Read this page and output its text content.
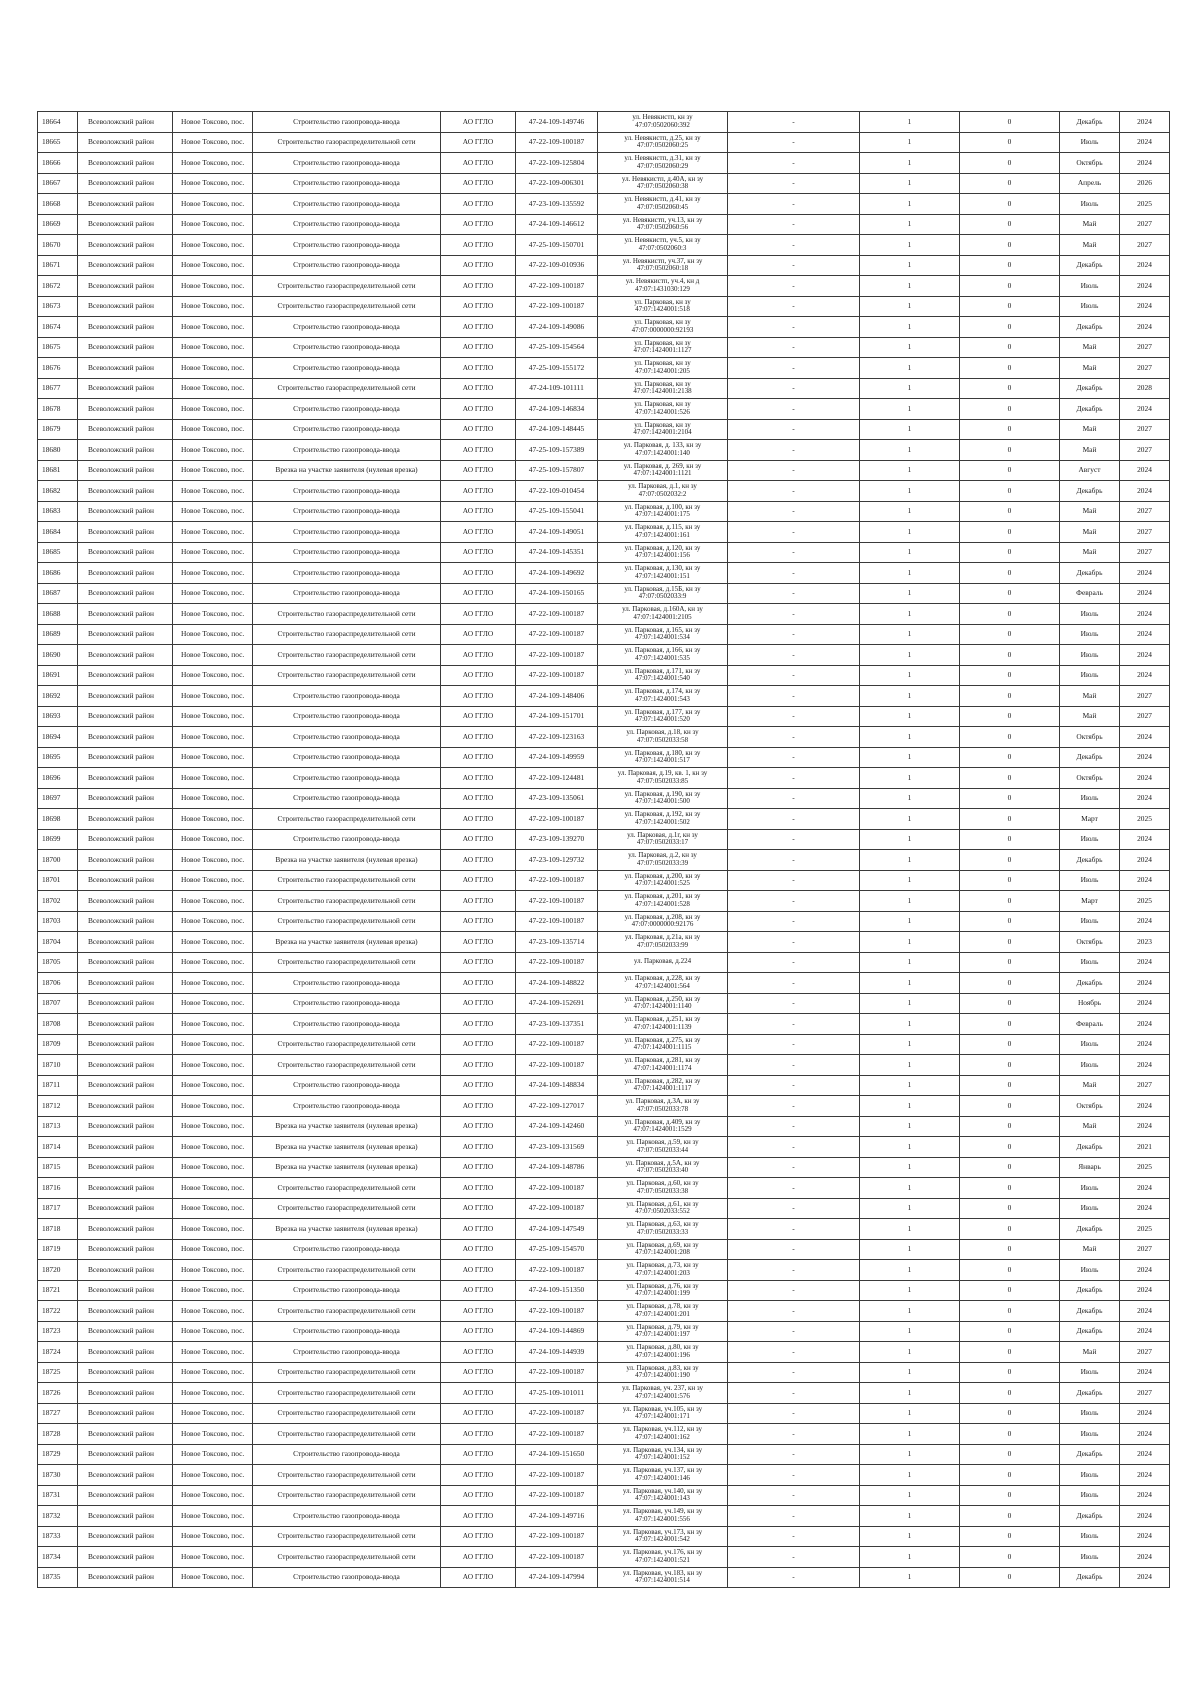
18664	Всеволожский район	Новое Токсово, пос.	Строительство газопровода-ввода	АО ГГЛО	47-24-109-149746	ул. Невякистп, кн зу
47:07:0502060:392	-	1	0	Декабрь	2024
18665	Всеволожский район	Новое Токсово, пос.	Строительство газораспределительной сети	АО ГГЛО	47-22-109-100187	ул. Невякистп, д.25, кн зу
47:07:0502060:25	-	1	0	Июль	2024
18666	Всеволожский район	Новое Токсово, пос.	Строительство газопровода-ввода	АО ГГЛО	47-22-109-125804	ул. Невякистп, д.31, кн зу
47:07:0502060:29	-	1	0	Октябрь	2024
18667	Всеволожский район	Новое Токсово, пос.	Строительство газопровода-ввода	АО ГГЛО	47-22-109-006301	ул. Невякистп, д.40А, кн зу
47:07:0502060:38	-	1	0	Апрель	2026
18668	Всеволожский район	Новое Токсово, пос.	Строительство газопровода-ввода	АО ГГЛО	47-23-109-135592	ул. Невякистп, д.41, кн зу
47:07:0502060:45	-	1	0	Июль	2025
18669	Всеволожский район	Новое Токсово, пос.	Строительство газопровода-ввода	АО ГГЛО	47-24-109-146612	ул. Невякистп, уч.13, кн зу
47:07:0502060:56	-	1	0	Май	2027
18670	Всеволожский район	Новое Токсово, пос.	Строительство газопровода-ввода	АО ГГЛО	47-25-109-150701	ул. Невякистп, уч.5, кн зу
47:07:0502060:3	-	1	0	Май	2027
18671	Всеволожский район	Новое Токсово, пос.	Строительство газопровода-ввода	АО ГГЛО	47-22-109-010936	ул. Невякистп, уч.37, кн зу
47:07:0502060:18	-	1	0	Декабрь	2024
18672	Всеволожский район	Новое Токсово, пос.	Строительство газораспределительной сети	АО ГГЛО	47-22-109-100187	ул. Невякистп, уч.4, кн д
47:07:1431030:129	-	1	0	Июль	2024
18673	Всеволожский район	Новое Токсово, пос.	Строительство газораспределительной сети	АО ГГЛО	47-22-109-100187	ул. Парковая, кн зу
47:07:1424001:518	-	1	0	Июль	2024
18674	Всеволожский район	Новое Токсово, пос.	Строительство газопровода-ввода	АО ГГЛО	47-24-109-149086	ул. Парковая, кн зу
47:07:0000000:92193	-	1	0	Декабрь	2024
18675	Всеволожский район	Новое Токсово, пос.	Строительство газопровода-ввода	АО ГГЛО	47-25-109-154564	ул. Парковая, кн зу
47:07:1424001:1127	-	1	0	Май	2027
18676	Всеволожский район	Новое Токсово, пос.	Строительство газопровода-ввода	АО ГГЛО	47-25-109-155172	ул. Парковая, кн зу
47:07:1424001:205	-	1	0	Май	2027
18677	Всеволожский район	Новое Токсово, пос.	Строительство газораспределительной сети	АО ГГЛО	47-24-109-101111	ул. Парковая, кн зу
47:07:1424001:2138	-	1	0	Декабрь	2028
18678	Всеволожский район	Новое Токсово, пос.	Строительство газопровода-ввода	АО ГГЛО	47-24-109-146834	ул. Парковая, кн зу
47:07:1424001:526	-	1	0	Декабрь	2024
18679	Всеволожский район	Новое Токсово, пос.	Строительство газопровода-ввода	АО ГГЛО	47-24-109-148445	ул. Парковая, кн зу
47:07:1424001:2104	-	1	0	Май	2027
18680	Всеволожский район	Новое Токсово, пос.	Строительство газопровода-ввода	АО ГГЛО	47-25-109-157389	ул. Парковая, д. 133, кн зу
47:07:1424001:140	-	1	0	Май	2027
18681	Всеволожский район	Новое Токсово, пос.	Врезка на участке заявителя (нулевая врезка)	АО ГГЛО	47-25-109-157807	ул. Парковая, д. 269, кн зу
47:07:1424001:1121	-	1	0	Август	2024
18682	Всеволожский район	Новое Токсово, пос.	Строительство газопровода-ввода	АО ГГЛО	47-22-109-010454	ул. Парковая, д.1, кн зу
47:07:0502032:2	-	1	0	Декабрь	2024
18683	Всеволожский район	Новое Токсово, пос.	Строительство газопровода-ввода	АО ГГЛО	47-25-109-155041	ул. Парковая, д.100, кн зу
47:07:1424001:175	-	1	0	Май	2027
18684	Всеволожский район	Новое Токсово, пос.	Строительство газопровода-ввода	АО ГГЛО	47-24-109-149051	ул. Парковая, д.115, кн зу
47:07:1424001:161	-	1	0	Май	2027
18685	Всеволожский район	Новое Токсово, пос.	Строительство газопровода-ввода	АО ГГЛО	47-24-109-145351	ул. Парковая, д.120, кн зу
47:07:1424001:156	-	1	0	Май	2027
18686	Всеволожский район	Новое Токсово, пос.	Строительство газопровода-ввода	АО ГГЛО	47-24-109-149692	ул. Парковая, д.130, кн зу
47:07:1424001:151	-	1	0	Декабрь	2024
18687	Всеволожский район	Новое Токсово, пос.	Строительство газопровода-ввода	АО ГГЛО	47-24-109-150165	ул. Парковая, д.15Б, кн зу
47:07:0502033:9	-	1	0	Февраль	2024
18688	Всеволожский район	Новое Токсово, пос.	Строительство газораспределительной сети	АО ГГЛО	47-22-109-100187	ул. Парковая, д.160А, кн зу
47:07:1424001:2105	-	1	0	Июль	2024
18689	Всеволожский район	Новое Токсово, пос.	Строительство газораспределительной сети	АО ГГЛО	47-22-109-100187	ул. Парковая, д.165, кн зу
47:07:1424001:534	-	1	0	Июль	2024
18690	Всеволожский район	Новое Токсово, пос.	Строительство газораспределительной сети	АО ГГЛО	47-22-109-100187	ул. Парковая, д.166, кн зу
47:07:1424001:535	-	1	0	Июль	2024
18691	Всеволожский район	Новое Токсово, пос.	Строительство газораспределительной сети	АО ГГЛО	47-22-109-100187	ул. Парковая, д.171, кн зу
47:07:1424001:540	-	1	0	Июль	2024
18692	Всеволожский район	Новое Токсово, пос.	Строительство газопровода-ввода	АО ГГЛО	47-24-109-148406	ул. Парковая, д.174, кн зу
47:07:1424001:543	-	1	0	Май	2027
18693	Всеволожский район	Новое Токсово, пос.	Строительство газопровода-ввода	АО ГГЛО	47-24-109-151701	ул. Парковая, д.177, кн зу
47:07:1424001:520	-	1	0	Май	2027
18694	Всеволожский район	Новое Токсово, пос.	Строительство газопровода-ввода	АО ГГЛО	47-22-109-123163	ул. Парковая, д.18, кн зу
47:07:0502033:58	-	1	0	Октябрь	2024
18695	Всеволожский район	Новое Токсово, пос.	Строительство газопровода-ввода	АО ГГЛО	47-24-109-149959	ул. Парковая, д.180, кн зу
47:07:1424001:517	-	1	0	Декабрь	2024
18696	Всеволожский район	Новое Токсово, пос.	Строительство газопровода-ввода	АО ГГЛО	47-22-109-124481	ул. Парковая, д.19, кв. 1, кн зу
47:07:0502033:85	-	1	0	Октябрь	2024
18697	Всеволожский район	Новое Токсово, пос.	Строительство газопровода-ввода	АО ГГЛО	47-23-109-135061	ул. Парковая, д.190, кн зу
47:07:1424001:500	-	1	0	Июль	2024
18698	Всеволожский район	Новое Токсово, пос.	Строительство газораспределительной сети	АО ГГЛО	47-22-109-100187	ул. Парковая, д.192, кн зу
47:07:1424001:502	-	1	0	Март	2025
18699	Всеволожский район	Новое Токсово, пос.	Строительство газопровода-ввода	АО ГГЛО	47-23-109-139270	ул. Парковая, д.1г, кн зу
47:07:0502033:17	-	1	0	Июль	2024
18700	Всеволожский район	Новое Токсово, пос.	Врезка на участке заявителя (нулевая врезка)	АО ГГЛО	47-23-109-129732	ул. Парковая, д.2, кн зу
47:07:0502033:39	-	1	0	Декабрь	2024
18701	Всеволожский район	Новое Токсово, пос.	Строительство газораспределительной сети	АО ГГЛО	47-22-109-100187	ул. Парковая, д.200, кн зу
47:07:1424001:525	-	1	0	Июль	2024
18702	Всеволожский район	Новое Токсово, пос.	Строительство газораспределительной сети	АО ГГЛО	47-22-109-100187	ул. Парковая, д.201, кн зу
47:07:1424001:528	-	1	0	Март	2025
18703	Всеволожский район	Новое Токсово, пос.	Строительство газораспределительной сети	АО ГГЛО	47-22-109-100187	ул. Парковая, д.208, кн зу
47:07:0000000:92176	-	1	0	Июль	2024
18704	Всеволожский район	Новое Токсово, пос.	Врезка на участке заявителя (нулевая врезка)	АО ГГЛО	47-23-109-135714	ул. Парковая, д.21а, кн зу
47:07:0502033:99	-	1	0	Октябрь	2023
18705	Всеволожский район	Новое Токсово, пос.	Строительство газораспределительной сети	АО ГГЛО	47-22-109-100187	ул. Парковая, д.224	-	1	0	Июль	2024
18706	Всеволожский район	Новое Токсово, пос.	Строительство газопровода-ввода	АО ГГЛО	47-24-109-148822	ул. Парковая, д.228, кн зу
47:07:1424001:564	-	1	0	Декабрь	2024
18707	Всеволожский район	Новое Токсово, пос.	Строительство газопровода-ввода	АО ГГЛО	47-24-109-152691	ул. Парковая, д.250, кн зу
47:07:1424001:1140	-	1	0	Ноябрь	2024
18708	Всеволожский район	Новое Токсово, пос.	Строительство газопровода-ввода	АО ГГЛО	47-23-109-137351	ул. Парковая, д.251, кн зу
47:07:1424001:1139	-	1	0	Февраль	2024
18709	Всеволожский район	Новое Токсово, пос.	Строительство газораспределительной сети	АО ГГЛО	47-22-109-100187	ул. Парковая, д.275, кн зу
47:07:1424001:1115	-	1	0	Июль	2024
18710	Всеволожский район	Новое Токсово, пос.	Строительство газораспределительной сети	АО ГГЛО	47-22-109-100187	ул. Парковая, д.281, кн зу
47:07:1424001:1174	-	1	0	Июль	2024
18711	Всеволожский район	Новое Токсово, пос.	Строительство газопровода-ввода	АО ГГЛО	47-24-109-148834	ул. Парковая, д.282, кн зу
47:07:1424001:1117	-	1	0	Май	2027
18712	Всеволожский район	Новое Токсово, пос.	Строительство газопровода-ввода	АО ГГЛО	47-22-109-127017	ул. Парковая, д.3А, кн зу
47:07:0502033:78	-	1	0	Октябрь	2024
18713	Всеволожский район	Новое Токсово, пос.	Врезка на участке заявителя (нулевая врезка)	АО ГГЛО	47-24-109-142460	ул. Парковая, д.409, кн зу
47:07:1424001:1529	-	1	0	Май	2024
18714	Всеволожский район	Новое Токсово, пос.	Врезка на участке заявителя (нулевая врезка)	АО ГГЛО	47-23-109-131569	ул. Парковая, д.59, кн зу
47:07:0502033:44	-	1	0	Декабрь	2021
18715	Всеволожский район	Новое Токсово, пос.	Врезка на участке заявителя (нулевая врезка)	АО ГГЛО	47-24-109-148786	ул. Парковая, д.5А, кн зу
47:07:0502033:40	-	1	0	Январь	2025
18716	Всеволожский район	Новое Токсово, пос.	Строительство газораспределительной сети	АО ГГЛО	47-22-109-100187	ул. Парковая, д.60, кн зу
47:07:0502033:38	-	1	0	Июль	2024
18717	Всеволожский район	Новое Токсово, пос.	Строительство газораспределительной сети	АО ГГЛО	47-22-109-100187	ул. Парковая, д.61, кн зу
47:07:0502033:552	-	1	0	Июль	2024
18718	Всеволожский район	Новое Токсово, пос.	Врезка на участке заявителя (нулевая врезка)	АО ГГЛО	47-24-109-147549	ул. Парковая, д.63, кн зу
47:07:0502033:33	-	1	0	Декабрь	2025
18719	Всеволожский район	Новое Токсово, пос.	Строительство газопровода-ввода	АО ГГЛО	47-25-109-154570	ул. Парковая, д.69, кн зу
47:07:1424001:208	-	1	0	Май	2027
18720	Всеволожский район	Новое Токсово, пос.	Строительство газораспределительной сети	АО ГГЛО	47-22-109-100187	ул. Парковая, д.73, кн зу
47:07:1424001:203	-	1	0	Июль	2024
18721	Всеволожский район	Новое Токсово, пос.	Строительство газопровода-ввода	АО ГГЛО	47-24-109-151350	ул. Парковая, д.76, кн зу
47:07:1424001:199	-	1	0	Декабрь	2024
18722	Всеволожский район	Новое Токсово, пос.	Строительство газораспределительной сети	АО ГГЛО	47-22-109-100187	ул. Парковая, д.78, кн зу
47:07:1424001:201	-	1	0	Декабрь	2024
18723	Всеволожский район	Новое Токсово, пос.	Строительство газопровода-ввода	АО ГГЛО	47-24-109-144869	ул. Парковая, д.79, кн зу
47:07:1424001:197	-	1	0	Декабрь	2024
18724	Всеволожский район	Новое Токсово, пос.	Строительство газопровода-ввода	АО ГГЛО	47-24-109-144939	ул. Парковая, д.80, кн зу
47:07:1424001:196	-	1	0	Май	2027
18725	Всеволожский район	Новое Токсово, пос.	Строительство газораспределительной сети	АО ГГЛО	47-22-109-100187	ул. Парковая, д.83, кн зу
47:07:1424001:190	-	1	0	Июль	2024
18726	Всеволожский район	Новое Токсово, пос.	Строительство газораспределительной сети	АО ГГЛО	47-25-109-101011	ул. Парковая, уч. 237, кн зу
47:07:1424001:576	-	1	0	Декабрь	2027
18727	Всеволожский район	Новое Токсово, пос.	Строительство газораспределительной сети	АО ГГЛО	47-22-109-100187	ул. Парковая, уч.105, кн зу
47:07:1424001:171	-	1	0	Июль	2024
18728	Всеволожский район	Новое Токсово, пос.	Строительство газораспределительной сети	АО ГГЛО	47-22-109-100187	ул. Парковая, уч.112, кн зу
47:07:1424001:162	-	1	0	Июль	2024
18729	Всеволожский район	Новое Токсово, пос.	Строительство газопровода-ввода	АО ГГЛО	47-24-109-151650	ул. Парковая, уч.134, кн зу
47:07:1424001:152	-	1	0	Декабрь	2024
18730	Всеволожский район	Новое Токсово, пос.	Строительство газораспределительной сети	АО ГГЛО	47-22-109-100187	ул. Парковая, уч.137, кн зу
47:07:1424001:146	-	1	0	Июль	2024
18731	Всеволожский район	Новое Токсово, пос.	Строительство газораспределительной сети	АО ГГЛО	47-22-109-100187	ул. Парковая, уч.140, кн зу
47:07:1424001:143	-	1	0	Июль	2024
18732	Всеволожский район	Новое Токсово, пос.	Строительство газопровода-ввода	АО ГГЛО	47-24-109-149716	ул. Парковая, уч.149, кн зу
47:07:1424001:556	-	1	0	Декабрь	2024
18733	Всеволожский район	Новое Токсово, пос.	Строительство газораспределительной сети	АО ГГЛО	47-22-109-100187	ул. Парковая, уч.173, кн зу
47:07:1424001:542	-	1	0	Июль	2024
18734	Всеволожский район	Новое Токсово, пос.	Строительство газораспределительной сети	АО ГГЛО	47-22-109-100187	ул. Парковая, уч.176, кн зу
47:07:1424001:521	-	1	0	Июль	2024
18735	Всеволожский район	Новое Токсово, пос.	Строительство газопровода-ввода	АО ГГЛО	47-24-109-147994	ул. Парковая, уч.183, кн зу
47:07:1424001:514	-	1	0	Декабрь	2024
